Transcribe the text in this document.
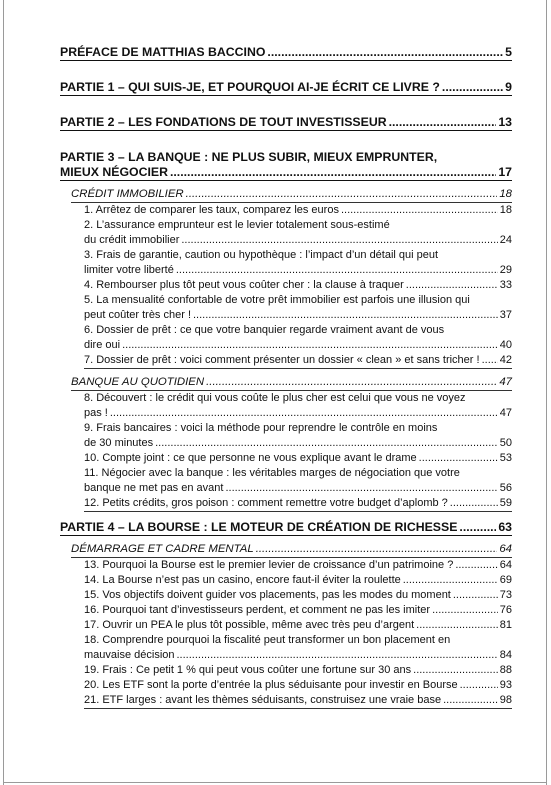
PRÉFACE DE MATTHIAS BACCINO .....	5
PARTIE 1 – QUI SUIS-JE, ET POURQUOI AI-JE ÉCRIT CE LIVRE ? .....	9
PARTIE 2 – LES FONDATIONS DE TOUT INVESTISSEUR .....	13
PARTIE 3 – LA BANQUE : NE PLUS SUBIR, MIEUX EMPRUNTER,
MIEUX NÉGOCIER .....	17
CRÉDIT IMMOBILIER .....	18
1. Arrêtez de comparer les taux, comparez les euros .....	18
2. L’assurance emprunteur est le levier totalement sous-estimé
du crédit immobilier .....	24
3. Frais de garantie, caution ou hypothèque : l’impact d’un détail qui peut
limiter votre liberté .....	29
4. Rembourser plus tôt peut vous coûter cher : la clause à traquer .....	33
5. La mensualité confortable de votre prêt immobilier est parfois une illusion qui
peut coûter très cher ! .....	37
6. Dossier de prêt : ce que votre banquier regarde vraiment avant de vous
dire oui .....	40
7. Dossier de prêt : voici comment présenter un dossier « clean » et sans tricher ! ..... 42
BANQUE AU QUOTIDIEN .....	47
8. Découvert : le crédit qui vous coûte le plus cher est celui que vous ne voyez
pas ! .....	47
9. Frais bancaires : voici la méthode pour reprendre le contrôle en moins
de 30 minutes .....	50
10. Compte joint : ce que personne ne vous explique avant le drame .....	53
11. Négocier avec la banque : les véritables marges de négociation que votre
banque ne met pas en avant .....	56
12. Petits crédits, gros poison : comment remettre votre budget d’aplomb ? .....	59
PARTIE 4 – LA BOURSE : LE MOTEUR DE CRÉATION DE RICHESSE .....	63
DÉMARRAGE ET CADRE MENTAL .....	64
13. Pourquoi la Bourse est le premier levier de croissance d’un patrimoine ? .....	64
14. La Bourse n’est pas un casino, encore faut-il éviter la roulette .....	69
15. Vos objectifs doivent guider vos placements, pas les modes du moment .....	73
16. Pourquoi tant d’investisseurs perdent, et comment ne pas les imiter .....	76
17. Ouvrir un PEA le plus tôt possible, même avec très peu d’argent .....	81
18. Comprendre pourquoi la fiscalité peut transformer un bon placement en
mauvaise décision .....	84
19. Frais : Ce petit 1 % qui peut vous coûter une fortune sur 30 ans .....	88
20. Les ETF sont la porte d’entrée la plus séduisante pour investir en Bourse .....	93
21. ETF larges : avant les thèmes séduisants, construisez une vraie base .....	98
